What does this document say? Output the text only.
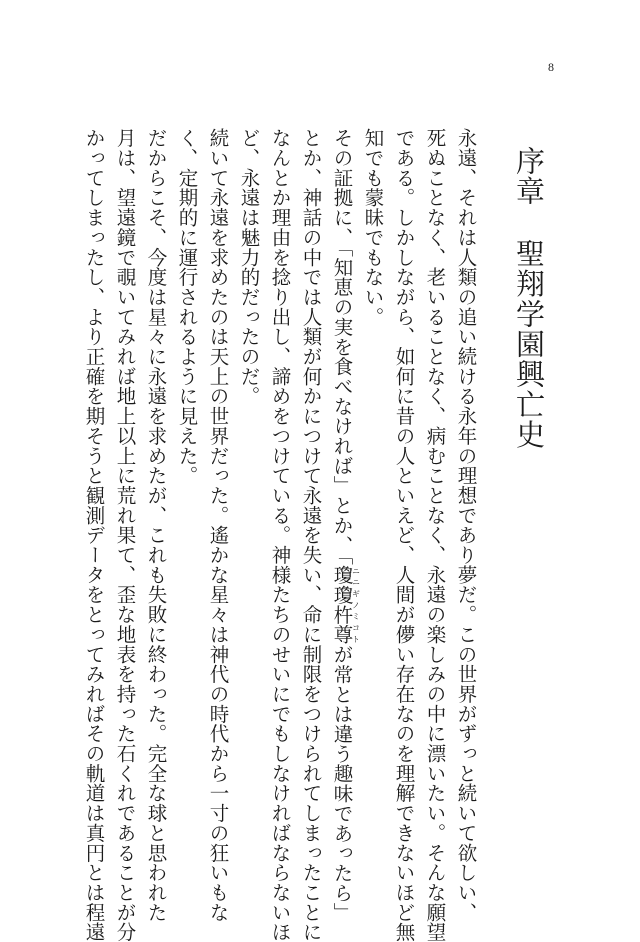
8
序章聖翔学園興亡史
永遠、それは人類の追い続ける永年の理想であり夢だ。この世界がずっと続いて欲しい、
死ぬことなく、老いることなく、病むことなく、永遠の楽しみの中に漂いたい。そんな願望
である。しかしながら、如何に昔の人といえど、人間が儚い存在なのを理解できないほど無
知でも蒙昧でもない。
その証拠に、「知恵の実を食べなければ」とか、「瓊瓊杵尊ニニギノミコトが常とは違う趣味であったら」
とか、神話の中では人類が何かにつけて永遠を失い、命に制限をつけられてしまったことに
なんとか理由を捻り出し、諦めをつけている。神様たちのせいにでもしなければならないほ
ど、永遠は魅力的だったのだ。
続いて永遠を求めたのは天上の世界だった。遙かな星々は神代の時代から一寸の狂いもな
く、定期的に運行されるように見えた。
だからこそ、今度は星々に永遠を求めたが、これも失敗に終わった。完全な球と思われた
月は、望遠鏡で覗いてみれば地上以上に荒れ果て、歪な地表を持った石くれであることが分
かってしまったし、より正確を期そうと観測データをとってみればその軌道は真円とは程遠
